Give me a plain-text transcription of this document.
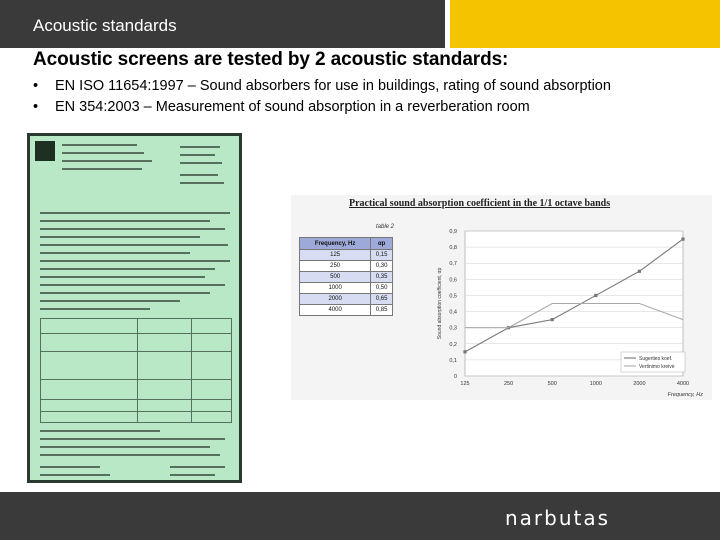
Acoustic standards
Acoustic screens are tested by 2 acoustic standards:
•	EN ISO 11654:1997 – Sound absorbers for use in buildings, rating of sound absorption
•	EN 354:2003 – Measurement of sound absorption in a reverberation room
Practical sound absorption coefficient in the 1/1 octave bands
table 2
Frequency, Hz	αp
125	0,15
250	0,30
500	0,35
1000	0,50
2000	0,65
4000	0,85
0
0,1
0,2
0,3
0,4
0,5
0,6
0,7
0,8
0,9
125	250	500	1000	2000	4000
Sound absorption coefficient, αp
Frequency, Hz
Sugerties koef.
Vertinimo kreivė
narbutas
